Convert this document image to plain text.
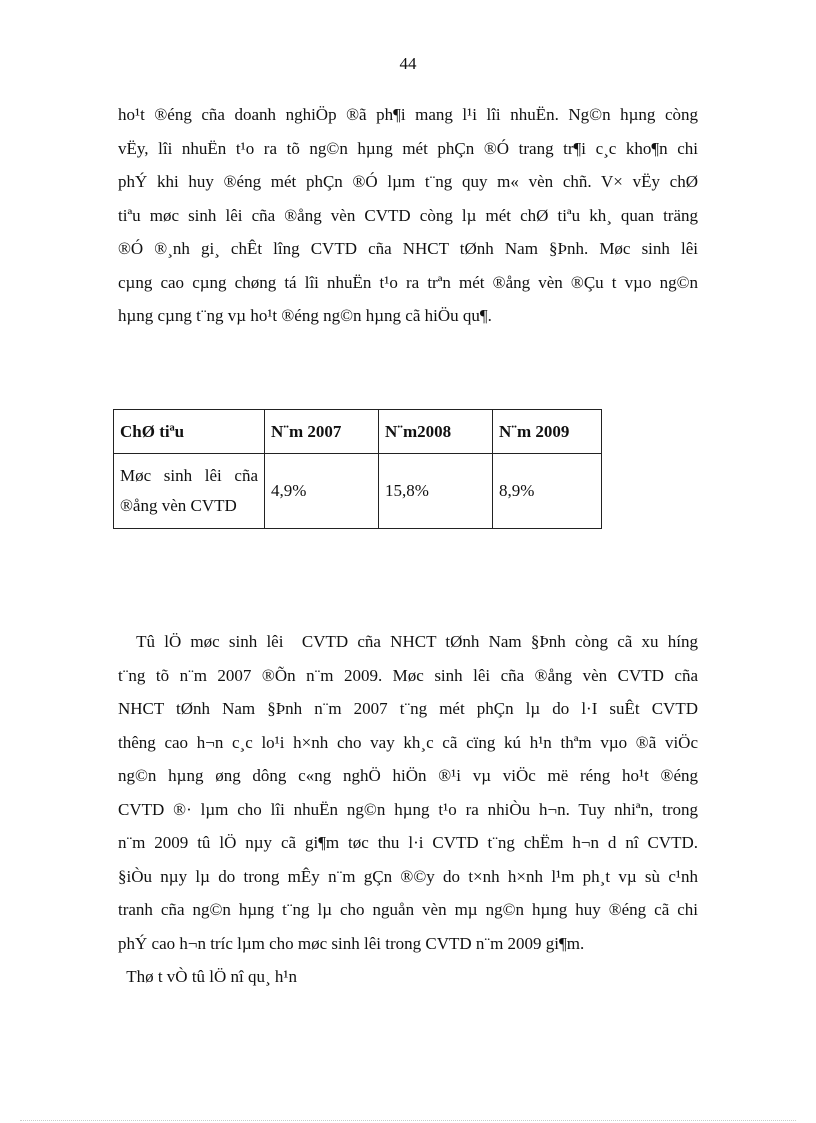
44
ho¹t ®éng cña doanh nghiÖp ®ã ph¶i mang l¹i lîi nhuËn. Ng©n hµng còng
vËy, lîi nhuËn t¹o ra tõ ng©n hµng mét phÇn ®Ó trang tr¶i c¸c kho¶n chi
phÝ khi huy ®éng mét phÇn ®Ó lµm t¨ng quy m« vèn chñ. V× vËy chØ
tiªu møc sinh lêi cña ®ång vèn CVTD còng lµ mét chØ tiªu kh¸ quan träng
®Ó ®¸nh gi¸ chÊt lîng CVTD cña NHCT tØnh Nam §Þnh. Møc sinh lêi
cµng cao cµng chøng tá lîi nhuËn t¹o ra trªn mét ®ång vèn ®Çu t vµo ng©n
hµng cµng t¨ng vµ ho¹t ®éng ng©n hµng cã hiÖu qu¶.
ChØ tiªu	N¨m 2007	N¨m2008	N¨m 2009

Møc sinh lêi cña
®ång vèn CVTD	4,9%	15,8%	8,9%
Tû lÖ møc sinh lêi  CVTD cña NHCT tØnh Nam §Þnh còng cã xu híng
t¨ng tõ n¨m 2007 ®Õn n¨m 2009. Møc sinh lêi cña ®ång vèn CVTD cña
NHCT tØnh Nam §Þnh n¨m 2007 t¨ng mét phÇn lµ do l·I suÊt CVTD
thêng cao h¬n c¸c lo¹i h×nh cho vay kh¸c cã cïng kú h¹n thªm vµo ®ã viÖc
ng©n hµng øng dông c«ng nghÖ hiÖn ®¹i vµ viÖc më réng ho¹t ®éng
CVTD ®· lµm cho lîi nhuËn ng©n hµng t¹o ra nhiÒu h¬n. Tuy nhiªn, trong
n¨m 2009 tû lÖ nµy cã gi¶m tøc thu l·i CVTD t¨ng chËm h¬n d nî CVTD.
§iÒu nµy lµ do trong mÊy n¨m gÇn ®©y do t×nh h×nh l¹m ph¸t vµ sù c¹nh
tranh cña ng©n hµng t¨ng lµ cho nguån vèn mµ ng©n hµng huy ®éng cã chi
phÝ cao h¬n tríc lµm cho møc sinh lêi trong CVTD n¨m 2009 gi¶m.
Thø t vÒ tû lÖ nî qu¸ h¹n
